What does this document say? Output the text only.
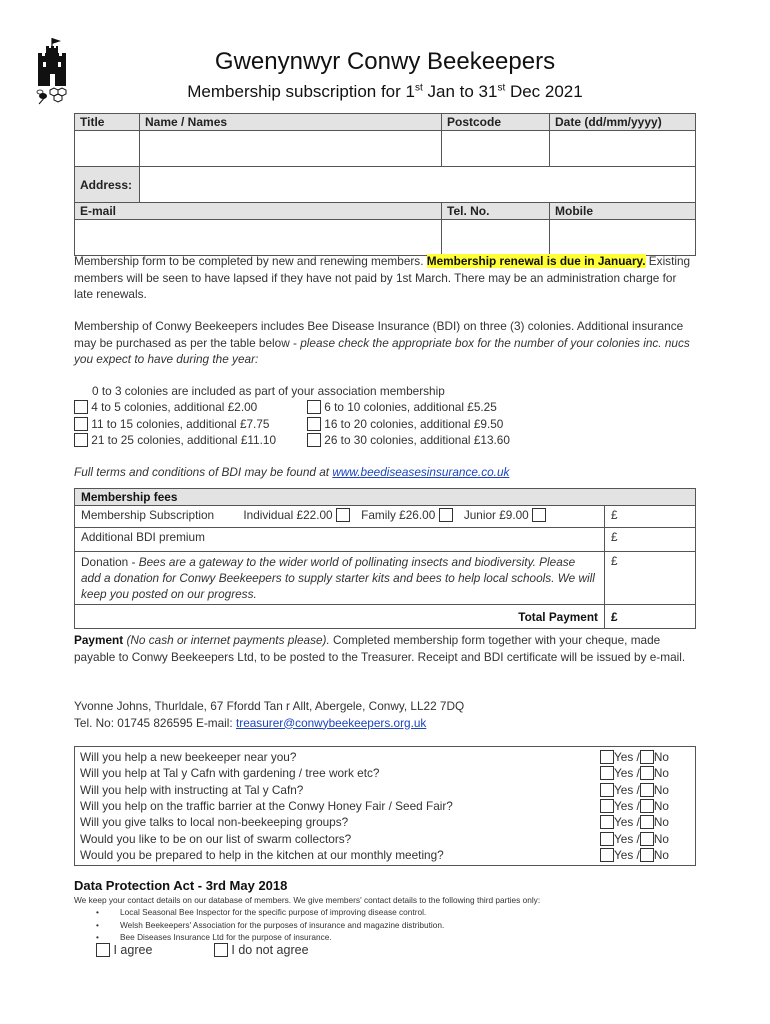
Gwenynwyr Conwy Beekeepers
Membership subscription for 1st Jan to 31st Dec 2021
Title	Name / Names	Postcode	Date (dd/mm/yyyy)

Address:			
E-mail		Tel. No.	Mobile

Membership form to be completed by new and renewing members. Membership renewal is due in January. Existing members will be seen to have lapsed if they have not paid by 1st March. There may be an administration charge for late renewals.
Membership of Conwy Beekeepers includes Bee Disease Insurance (BDI) on three (3) colonies. Additional insurance may be purchased as per the table below - please check the appropriate box for the number of your colonies inc. nucs you expect to have during the year:
0 to 3 colonies are included as part of your association membership
4 to 5 colonies, additional £2.00	6 to 10 colonies, additional £5.25
11 to 15 colonies, additional £7.75	16 to 20 colonies, additional £9.50
21 to 25 colonies, additional £11.10	26 to 30 colonies, additional £13.60
Full terms and conditions of BDI may be found at www.beediseasesinsurance.co.uk
Membership fees	
Membership Subscription Individual £22.00 Family £26.00 Junior £9.00	£
Additional BDI premium	£
Donation - Bees are a gateway to the wider world of pollinating insects and biodiversity. Please add a donation for Conwy Beekeepers to supply starter kits and bees to help local schools. We will keep you posted on our progress.	£
Total Payment	£
Payment (No cash or internet payments please). Completed membership form together with your cheque, made payable to Conwy Beekeepers Ltd, to be posted to the Treasurer. Receipt and BDI certificate will be issued by e-mail.
Yvonne Johns, Thurldale, 67 Ffordd Tan r Allt, Abergele, Conwy, LL22 7DQ
Tel. No: 01745 826595 E-mail: treasurer@conwybeekeepers.org.uk
Will you help a new beekeeper near you?	Yes / No
Will you help at Tal y Cafn with gardening / tree work etc?	Yes / No
Will you help with instructing at Tal y Cafn?	Yes / No
Will you help on the traffic barrier at the Conwy Honey Fair / Seed Fair?	Yes / No
Will you give talks to local non-beekeeping groups?	Yes / No
Would you like to be on our list of swarm collectors?	Yes / No
Would you be prepared to help in the kitchen at our monthly meeting?	Yes / No
Data Protection Act - 3rd May 2018
We keep your contact details on our database of members. We give members' contact details to the following third parties only:
• Local Seasonal Bee Inspector for the specific purpose of improving disease control.
• Welsh Beekeepers' Association for the purposes of insurance and magazine distribution.
• Bee Diseases Insurance Ltd for the purpose of insurance.
I agree	I do not agree
